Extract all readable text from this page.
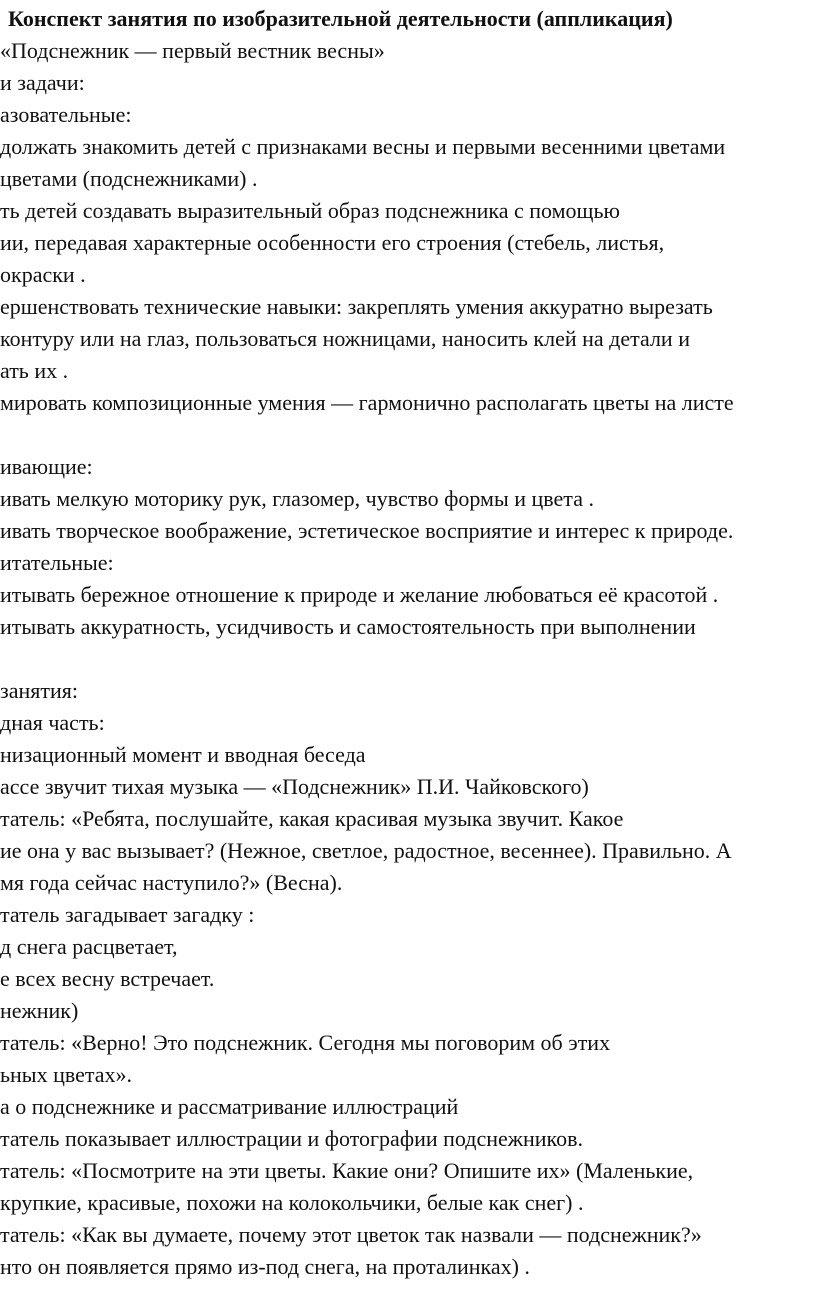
Конспект занятия по изобразительной деятельности (аппликация)
«Подснежник — первый вестник весны»
и задачи:
азовательные:
должать знакомить детей с признаками весны и первыми весенними цветами
цветами (подснежниками) .
ть детей создавать выразительный образ подснежника с помощью
ии, передавая характерные особенности его строения (стебель, листья,
окраски .
ершенствовать технические навыки: закреплять умения аккуратно вырезать
контуру или на глаз, пользоваться ножницами, наносить клей на детали и
ать их .
мировать композиционные умения — гармонично располагать цветы на листе
ивающие:
ивать мелкую моторику рук, глазомер, чувство формы и цвета .
ивать творческое воображение, эстетическое восприятие и интерес к природе.
итательные:
итывать бережное отношение к природе и желание любоваться её красотой .
итывать аккуратность, усидчивость и самостоятельность при выполнении
занятия:
дная часть:
низационный момент и вводная беседа
ассе звучит тихая музыка — «Подснежник» П.И. Чайковского)
татель: «Ребята, послушайте, какая красивая музыка звучит. Какое
ие она у вас вызывает? (Нежное, светлое, радостное, весеннее). Правильно. А
мя года сейчас наступило?» (Весна).
татель загадывает загадку :
д снега расцветает,
е всех весну встречает.
нежник)
татель: «Верно! Это подснежник. Сегодня мы поговорим об этих
ьных цветах».
а о подснежнике и рассматривание иллюстраций
татель показывает иллюстрации и фотографии подснежников.
татель: «Посмотрите на эти цветы. Какие они? Опишите их» (Маленькие,
крупкие, красивые, похожи на колокольчики, белые как снег) .
татель: «Как вы думаете, почему этот цветок так назвали — подснежник?»
нто он появляется прямо из-под снега, на проталинках) .
